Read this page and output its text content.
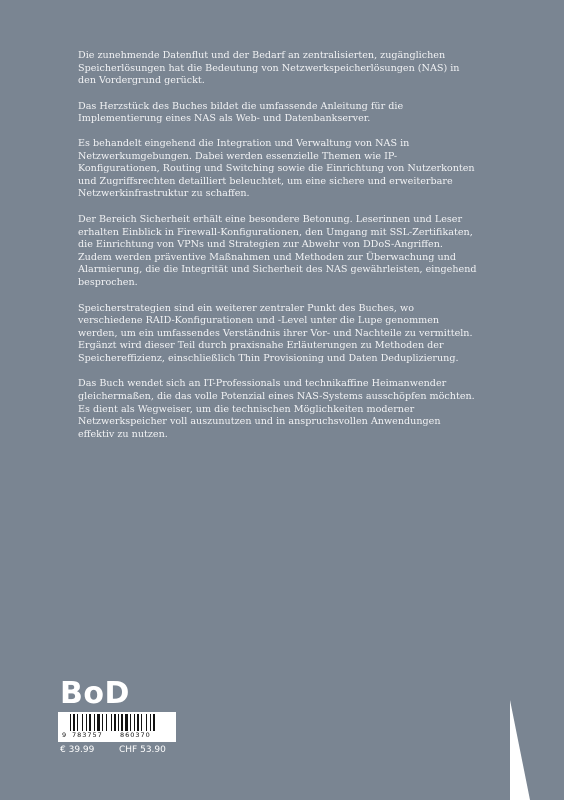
Die zunehmende Datenflut und der Bedarf an zentralisierten, zugänglichen Speicherlösungen hat die Bedeutung von Netzwerkspeicherlösungen (NAS) in den Vordergrund gerückt.

Das Herzstück des Buches bildet die umfassende Anleitung für die Implementierung eines NAS als Web- und Datenbankserver.

Es behandelt eingehend die Integration und Verwaltung von NAS in Netzwerkumgebungen. Dabei werden essenzielle Themen wie IP-Konfigurationen, Routing und Switching sowie die Einrichtung von Nutzerkonten und Zugriffsrechten detailliert beleuchtet, um eine sichere und erweiterbare Netzwerkinfrastruktur zu schaffen.

Der Bereich Sicherheit erhält eine besondere Betonung. Leserinnen und Leser erhalten Einblick in Firewall-Konfigurationen, den Umgang mit SSL-Zertifikaten, die Einrichtung von VPNs und Strategien zur Abwehr von DDoS-Angriffen. Zudem werden präventive Maßnahmen und Methoden zur Überwachung und Alarmierung, die die Integrität und Sicherheit des NAS gewährleisten, eingehend besprochen.

Speicherstrategien sind ein weiterer zentraler Punkt des Buches, wo verschiedene RAID-Konfigurationen und -Level unter die Lupe genommen werden, um ein umfassendes Verständnis ihrer Vor- und Nachteile zu vermitteln. Ergänzt wird dieser Teil durch praxisnahe Erläuterungen zu Methoden der Speichereffizienz, einschließlich Thin Provisioning und Daten Deduplizierung.

Das Buch wendet sich an IT-Professionals und technikaffine Heimanwender gleichermaßen, die das volle Potenzial eines NAS-Systems ausschöpfen möchten. Es dient als Wegweiser, um die technischen Möglichkeiten moderner Netzwerkspeicher voll auszunutzen und in anspruchsvollen Anwendungen effektiv zu nutzen.

BoD
9 783757	860370
€ 39.99	CHF 53.90
